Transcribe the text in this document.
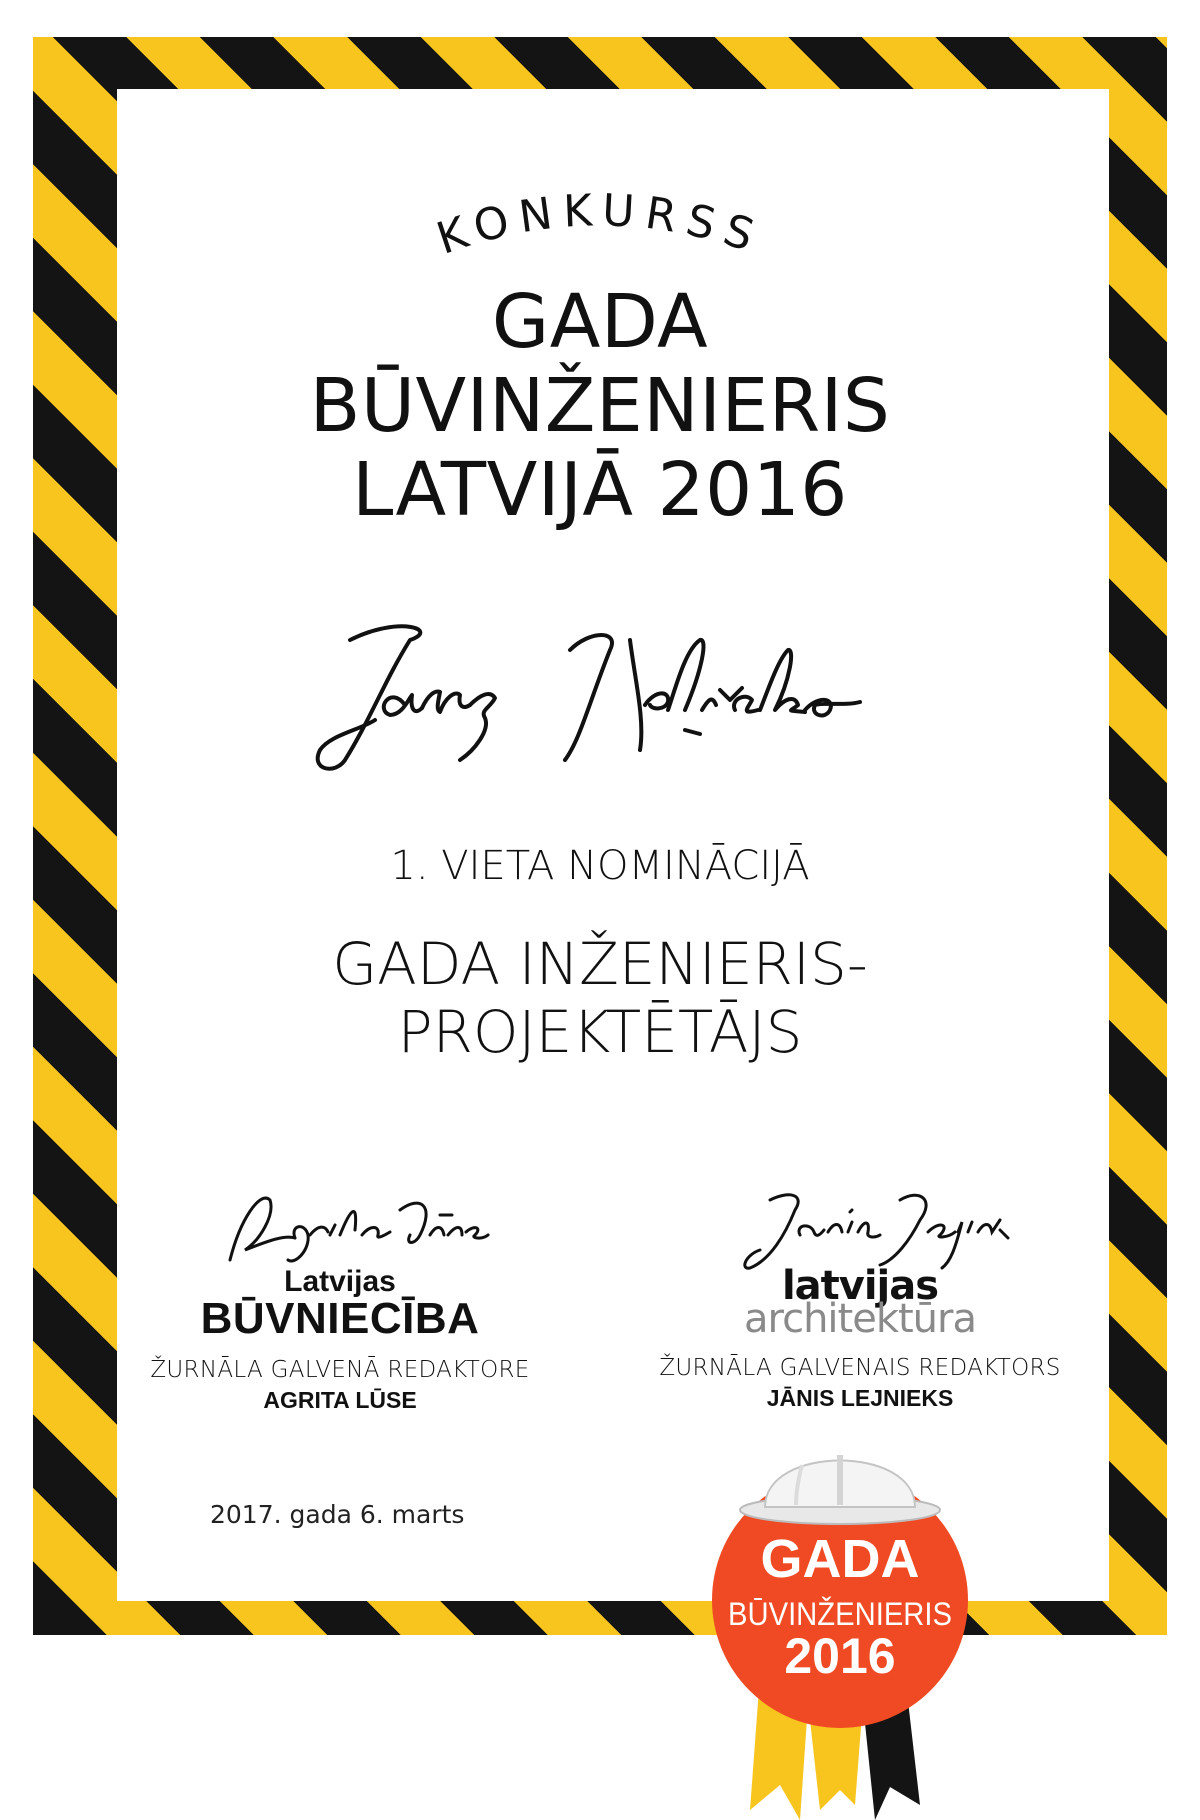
KONKURSS
GADA
BŪVINŽENIERIS
LATVIJĀ 2016
1. VIETA NOMINĀCIJĀ
GADA INŽENIERIS-
PROJEKTĒTĀJS
Latvijas
BŪVNIECĪBA
ŽURNĀLA GALVENĀ REDAKTORE
AGRITA LŪSE
latvijas
architektūra
ŽURNĀLA GALVENAIS REDAKTORS
JĀNIS LEJNIEKS
2017. gada 6. marts
GADA
BŪVINŽENIERIS
2016
